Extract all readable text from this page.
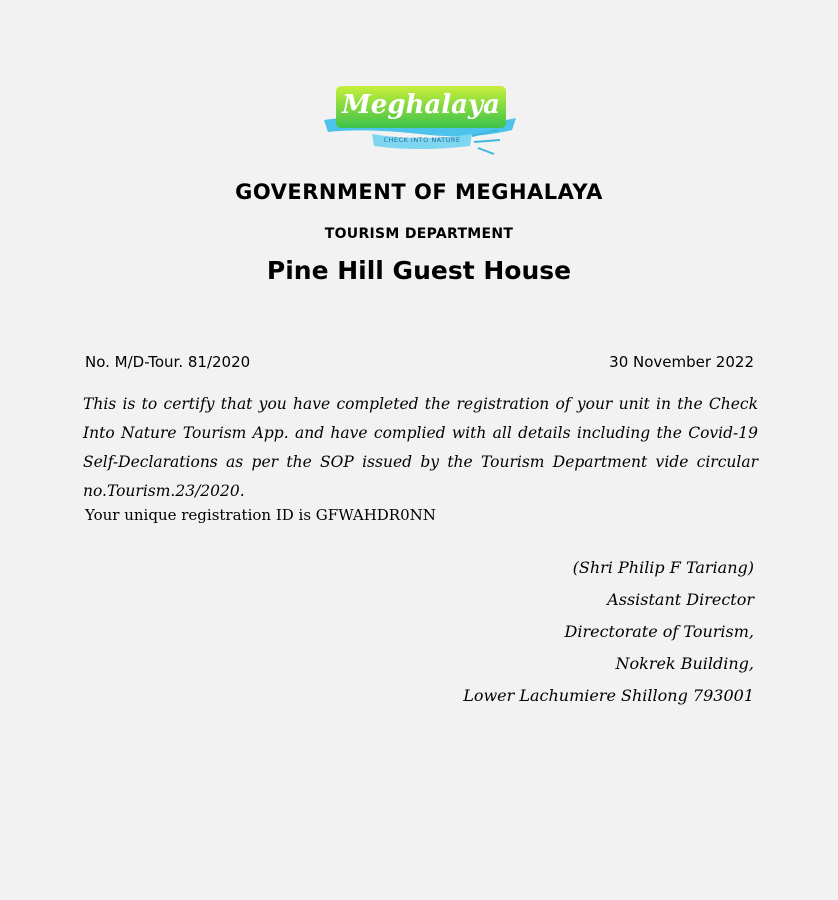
Meghalaya
CHECK INTO NATURE
GOVERNMENT OF MEGHALAYA
TOURISM DEPARTMENT
Pine Hill Guest House
No. M/D-Tour. 81/2020	30 November 2022
This is to certify that you have completed the registration of your unit in the Check Into Nature Tourism App. and have complied with all details including the Covid-19 Self-Declarations as per the SOP issued by the Tourism Department vide circular no.Tourism.23/2020.
Your unique registration ID is GFWAHDR0NN
(Shri Philip F Tariang)
Assistant Director
Directorate of Tourism,
Nokrek Building,
Lower Lachumiere Shillong 793001
